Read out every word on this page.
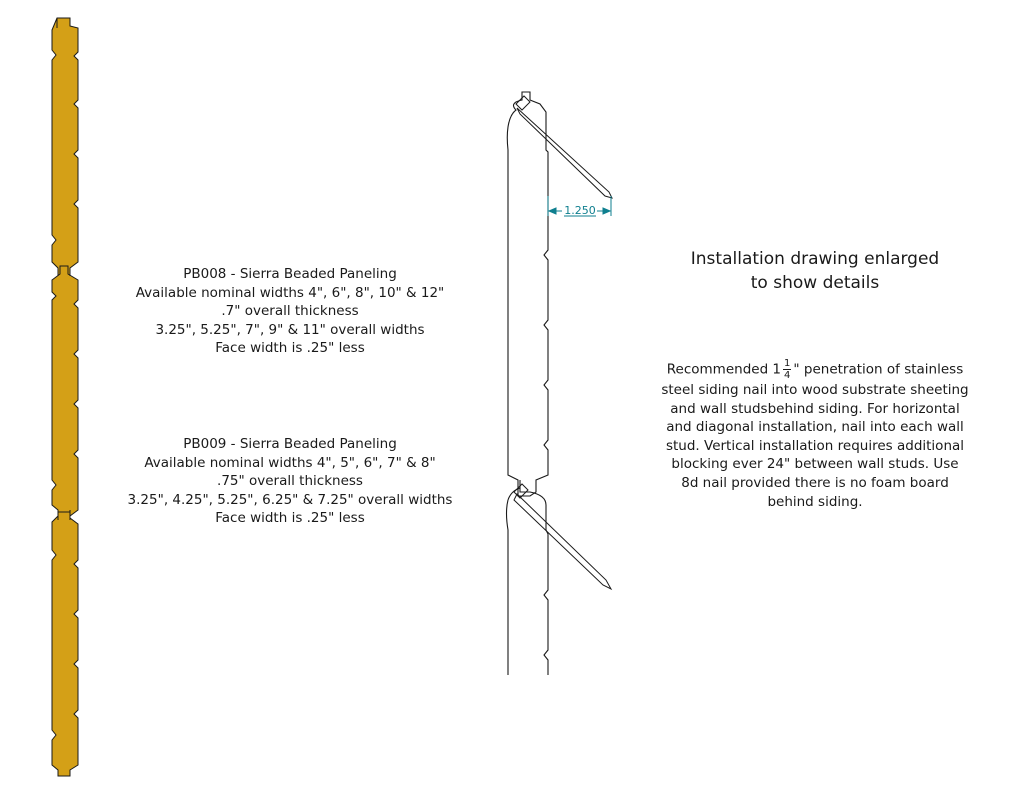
1.250
PB008 - Sierra Beaded Paneling
Available nominal widths 4", 6", 8", 10" & 12"
.7" overall thickness
3.25", 5.25", 7", 9" & 11" overall widths
Face width is .25" less
PB009 - Sierra Beaded Paneling
Available nominal widths 4", 5", 6", 7" & 8"
.75" overall thickness
3.25", 4.25", 5.25", 6.25" & 7.25" overall widths
Face width is .25" less
Installation drawing enlarged
to show details
Recommended $1 \frac{1}{4}$ " penetration of stainless
steel siding nail into wood substrate sheeting
and wall studsbehind siding. For horizontal
and diagonal installation, nail into each wall
stud. Vertical installation requires additional
blocking ever 24" between wall studs. Use
8d nail provided there is no foam board
behind siding.
